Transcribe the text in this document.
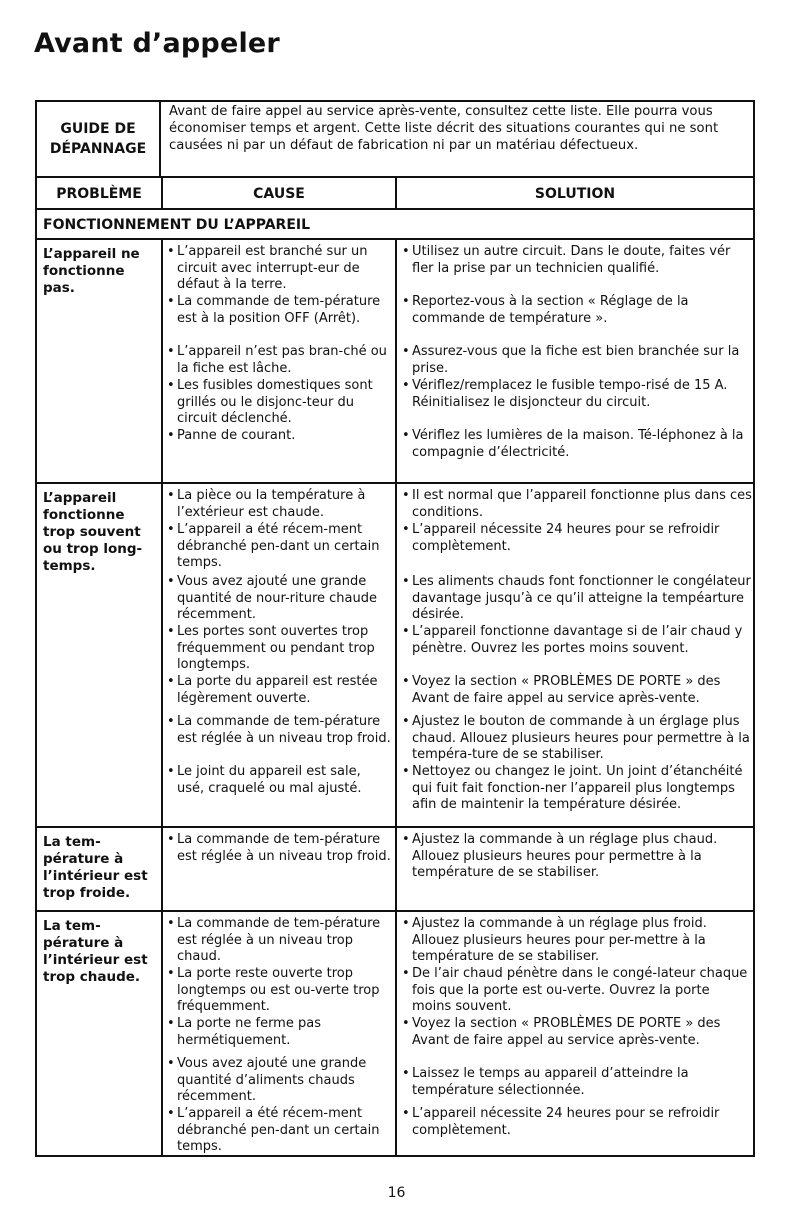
Avant d’appeler
GUIDE DE
DÉPANNAGE
Avant de faire appel au service après-vente, consultez cette liste. Elle pourra vous économiser temps et argent. Cette liste décrit des situations courantes qui ne sont causées ni par un défaut de fabrication ni par un matériau défectueux.
PROBLÈME	CAUSE	SOLUTION
FONCTIONNEMENT DU L’APPAREIL
L’appareil ne fonctionne pas.
• L’appareil est branché sur un circuit avec interrupt-eur de défaut à la terre.
• La commande de tem-pérature est à la position OFF (Arrêt).
• L’appareil n’est pas bran-ché ou la fiche est lâche.
• Les fusibles domestiques sont grillés ou le disjonc-teur du circuit déclenché.
• Panne de courant.
• Utilisez un autre circuit. Dans le doute, faites vér fler la prise par un technicien qualifié.
• Reportez-vous à la section « Réglage de la commande de température ».
• Assurez-vous que la fiche est bien branchée sur la prise.
• Vériflez/remplacez le fusible tempo-risé de 15 A. Réinitialisez le disjoncteur du circuit.
• Vériflez les lumières de la maison. Té-léphonez à la compagnie d’électricité.
L’appareil fonctionne trop souvent ou trop long-temps.
• La pièce ou la température à l’extérieur est chaude.
• L’appareil a été récem-ment débranché pen-dant un certain temps.
• Vous avez ajouté une grande quantité de nour-riture chaude récemment.
• Les portes sont ouvertes trop fréquemment ou pendant trop longtemps.
• La porte du appareil est restée légèrement ouverte.
• La commande de tem-pérature est réglée à un niveau trop froid.
• Le joint du appareil est sale, usé, craquelé ou mal ajusté.
• Il est normal que l’appareil fonctionne plus dans ces conditions.
• L’appareil nécessite 24 heures pour se refroidir complètement.
• Les aliments chauds font fonctionner le congélateur davantage jusqu’à ce qu’il atteigne la tempéarture désirée.
• L’appareil fonctionne davantage si de l’air chaud y pénètre. Ouvrez les portes moins souvent.
• Voyez la section « PROBLÈMES DE PORTE » des Avant de faire appel au service après-vente.
• Ajustez le bouton de commande à un érglage plus chaud. Allouez plusieurs heures pour permettre à la tempéra-ture de se stabiliser.
• Nettoyez ou changez le joint. Un joint d’étanchéité qui fuit fait fonction-ner l’appareil plus longtemps afin de maintenir la température désirée.
La tem-pérature à l’intérieur est trop froide.
• La commande de tem-pérature est réglée à un niveau trop froid.
• Ajustez la commande à un réglage plus chaud. Allouez plusieurs heures pour permettre à la température de se stabiliser.
La tem-pérature à l’intérieur est trop chaude.
• La commande de tem-pérature est réglée à un niveau trop chaud.
• La porte reste ouverte trop longtemps ou est ou-verte trop fréquemment.
• La porte ne ferme pas hermétiquement.
• Vous avez ajouté une grande quantité d’aliments chauds récemment.
• L’appareil a été récem-ment débranché pen-dant un certain temps.
• Ajustez la commande à un réglage plus froid. Allouez plusieurs heures pour per-mettre à la température de se stabiliser.
• De l’air chaud pénètre dans le congé-lateur chaque fois que la porte est ou-verte. Ouvrez la porte moins souvent.
• Voyez la section « PROBLÈMES DE PORTE » des Avant de faire appel au service après-vente.
• Laissez le temps au appareil d’atteindre la température sélectionnée.
• L’appareil nécessite 24 heures pour se refroidir complètement.
16
